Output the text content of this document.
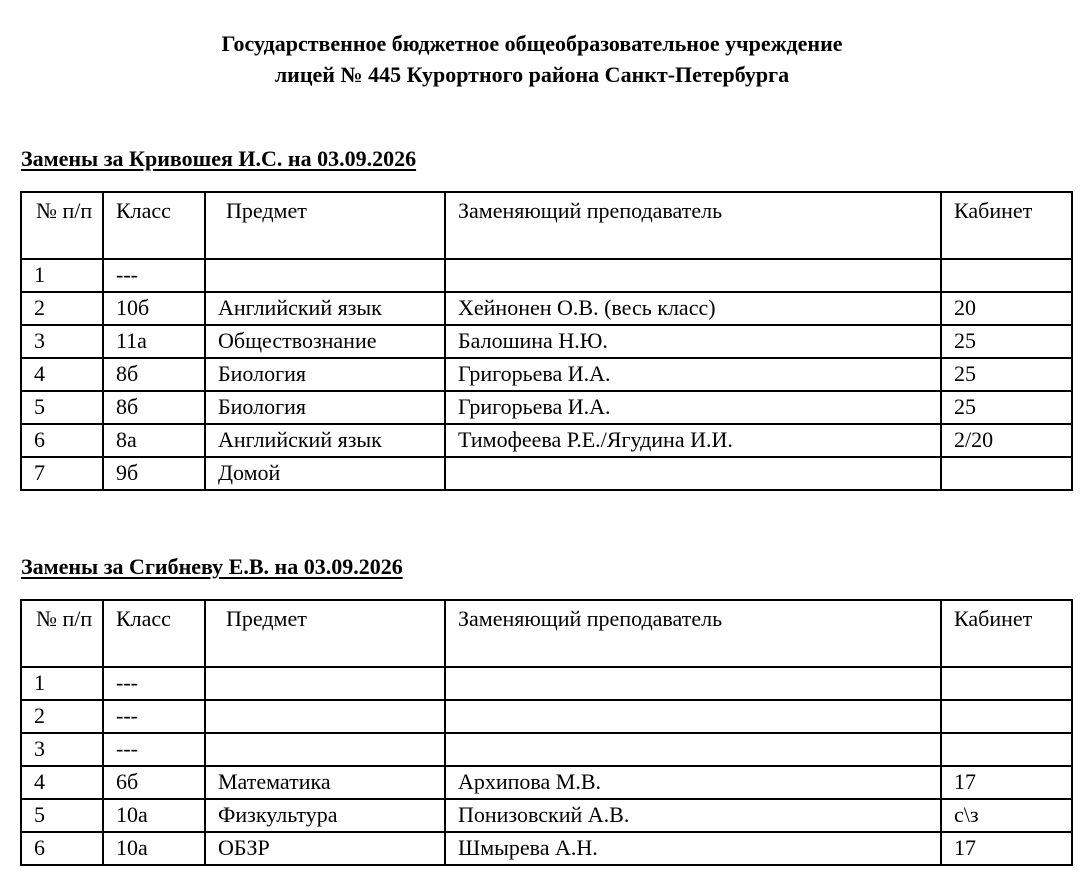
Государственное бюджетное общеобразовательное учреждение
лицей № 445 Курортного района Санкт-Петербурга
Замены за Кривошея И.С. на 03.09.2026
№ п/п	Класс	Предмет	Заменяющий преподаватель	Кабинет
1	---			
2	10б	Английский язык	Хейнонен О.В. (весь класс)	20
3	11а	Обществознание	Балошина Н.Ю.	25
4	8б	Биология	Григорьева И.А.	25
5	8б	Биология	Григорьева И.А.	25
6	8а	Английский язык	Тимофеева Р.Е./Ягудина И.И.	2/20
7	9б	Домой		
Замены за Сгибневу Е.В. на 03.09.2026
№ п/п	Класс	Предмет	Заменяющий преподаватель	Кабинет
1	---			
2	---			
3	---			
4	6б	Математика	Архипова М.В.	17
5	10а	Физкультура	Понизовский А.В.	с\з
6	10а	ОБЗР	Шмырева А.Н.	17
